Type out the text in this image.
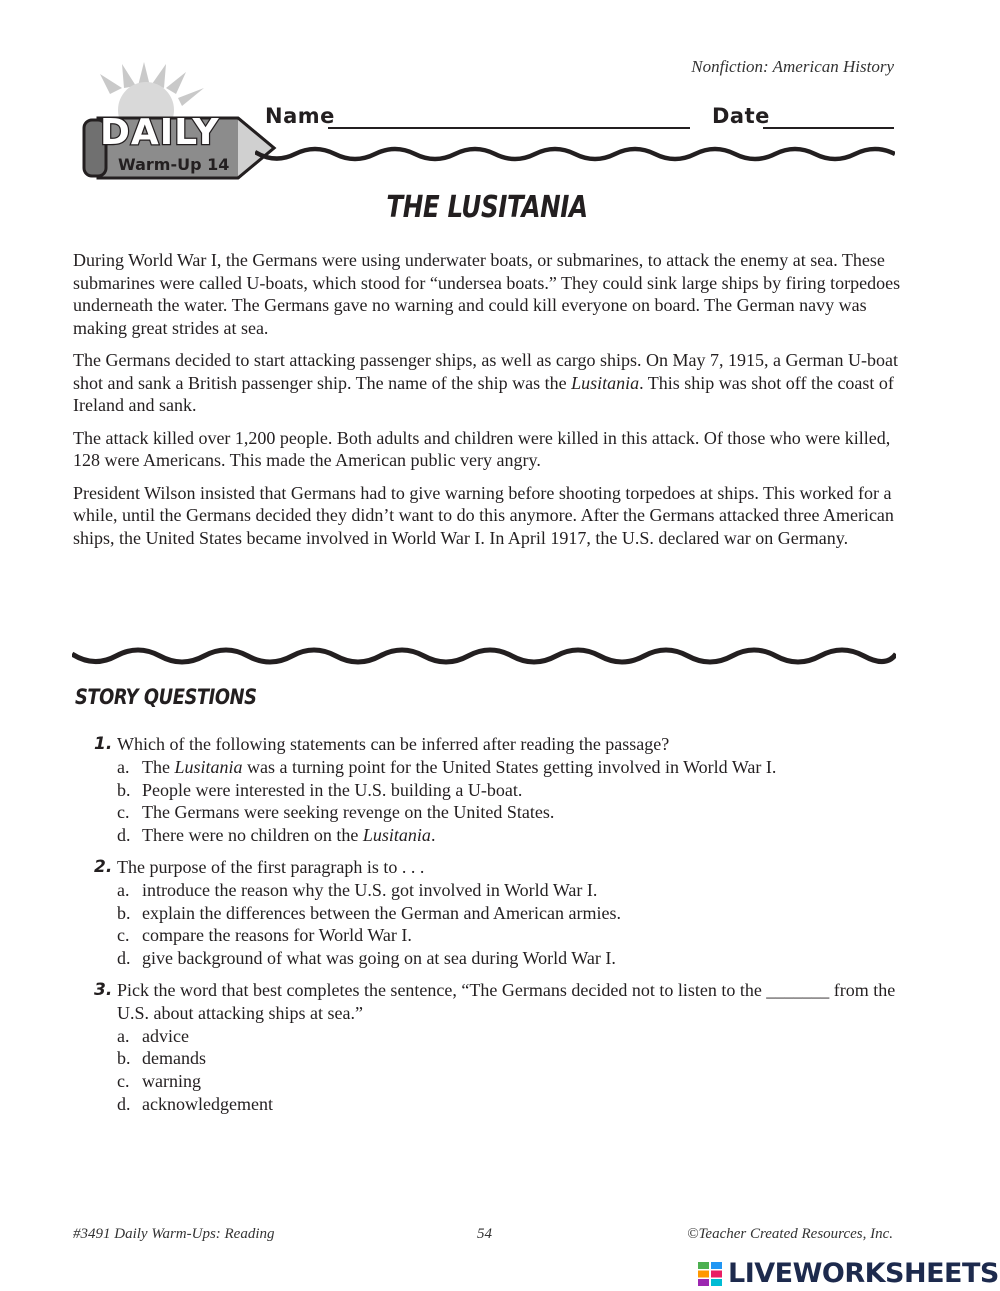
Nonfiction: American History
DAILY
Warm-Up 14
Name	Date
THE LUSITANIA

During World War I, the Germans were using underwater boats, or submarines, to attack the enemy at sea. These submarines were called U-boats, which stood for “undersea boats.” They could sink large ships by firing torpedoes underneath the water. The Germans gave no warning and could kill everyone on board. The German navy was making great strides at sea.

The Germans decided to start attacking passenger ships, as well as cargo ships. On May 7, 1915, a German U-boat shot and sank a British passenger ship. The name of the ship was the Lusitania. This ship was shot off the coast of Ireland and sank.

The attack killed over 1,200 people. Both adults and children were killed in this attack. Of those who were killed, 128 were Americans. This made the American public very angry.

President Wilson insisted that Germans had to give warning before shooting torpedoes at ships. This worked for a while, until the Germans decided they didn’t want to do this anymore. After the Germans attacked three American ships, the United States became involved in World War I. In April 1917, the U.S. declared war on Germany.

STORY QUESTIONS
1. Which of the following statements can be inferred after reading the passage?
a. The Lusitania was a turning point for the United States getting involved in World War I.
b. People were interested in the U.S. building a U-boat.
c. The Germans were seeking revenge on the United States.
d. There were no children on the Lusitania.
2. The purpose of the first paragraph is to . . .
a. introduce the reason why the U.S. got involved in World War I.
b. explain the differences between the German and American armies.
c. compare the reasons for World War I.
d. give background of what was going on at sea during World War I.
3. Pick the word that best completes the sentence, “The Germans decided not to listen to the _______ from the U.S. about attacking ships at sea.”
a. advice
b. demands
c. warning
d. acknowledgement
#3491 Daily Warm-Ups: Reading	54	©Teacher Created Resources, Inc.
LIVEWORKSHEETS
